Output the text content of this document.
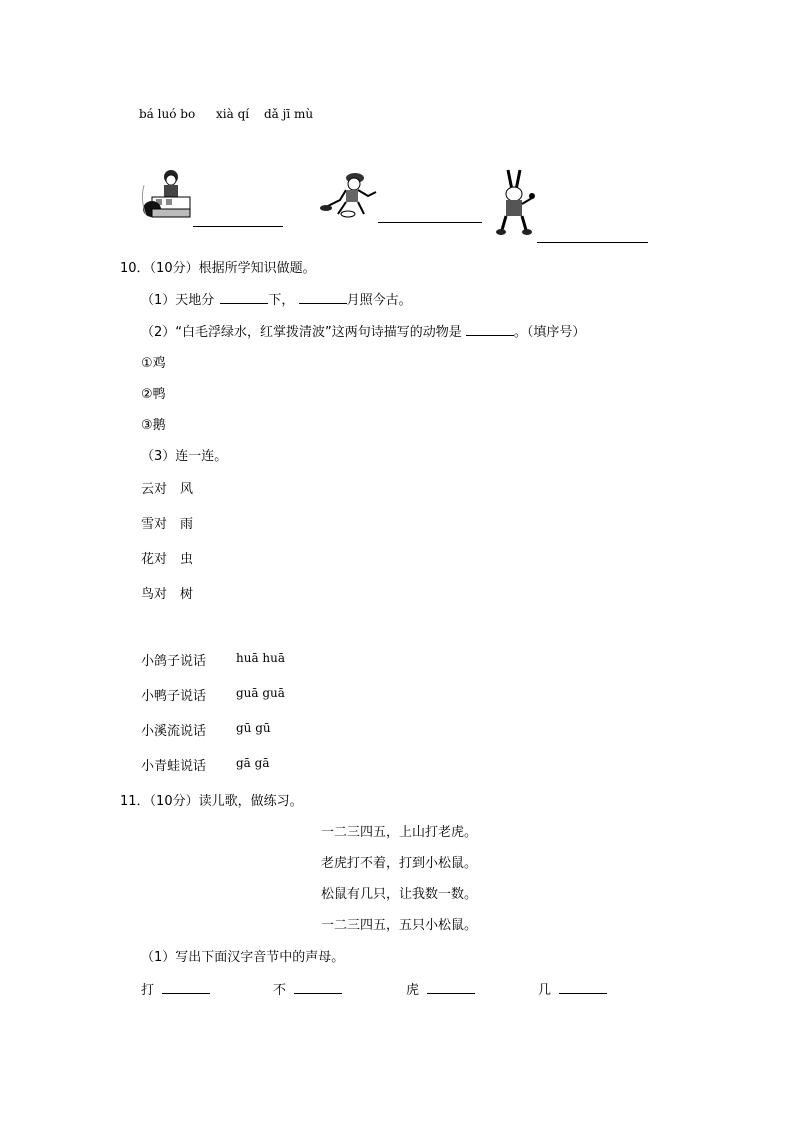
bá luó bo xià qí dǎ jī mù
10．（10分）根据所学知识做题。
（1）天地分	下，	月照今古。
（2）“白毛浮绿水，红掌拨清波”这两句诗描写的动物是	。（填序号）
①鸡
②鸭
③鹅
（3）连一连。
云对　风
雪对　雨
花对　虫
鸟对　树
小鸽子说话 huā huā
小鸭子说话 guā guā
小溪流说话 gū gū
小青蛙说话 gā gā
11．（10分）读儿歌，做练习。
一二三四五，上山打老虎。
老虎打不着，打到小松鼠。
松鼠有几只，让我数一数。
一二三四五，五只小松鼠。
（1）写出下面汉字音节中的声母。
打	不	虎	几
